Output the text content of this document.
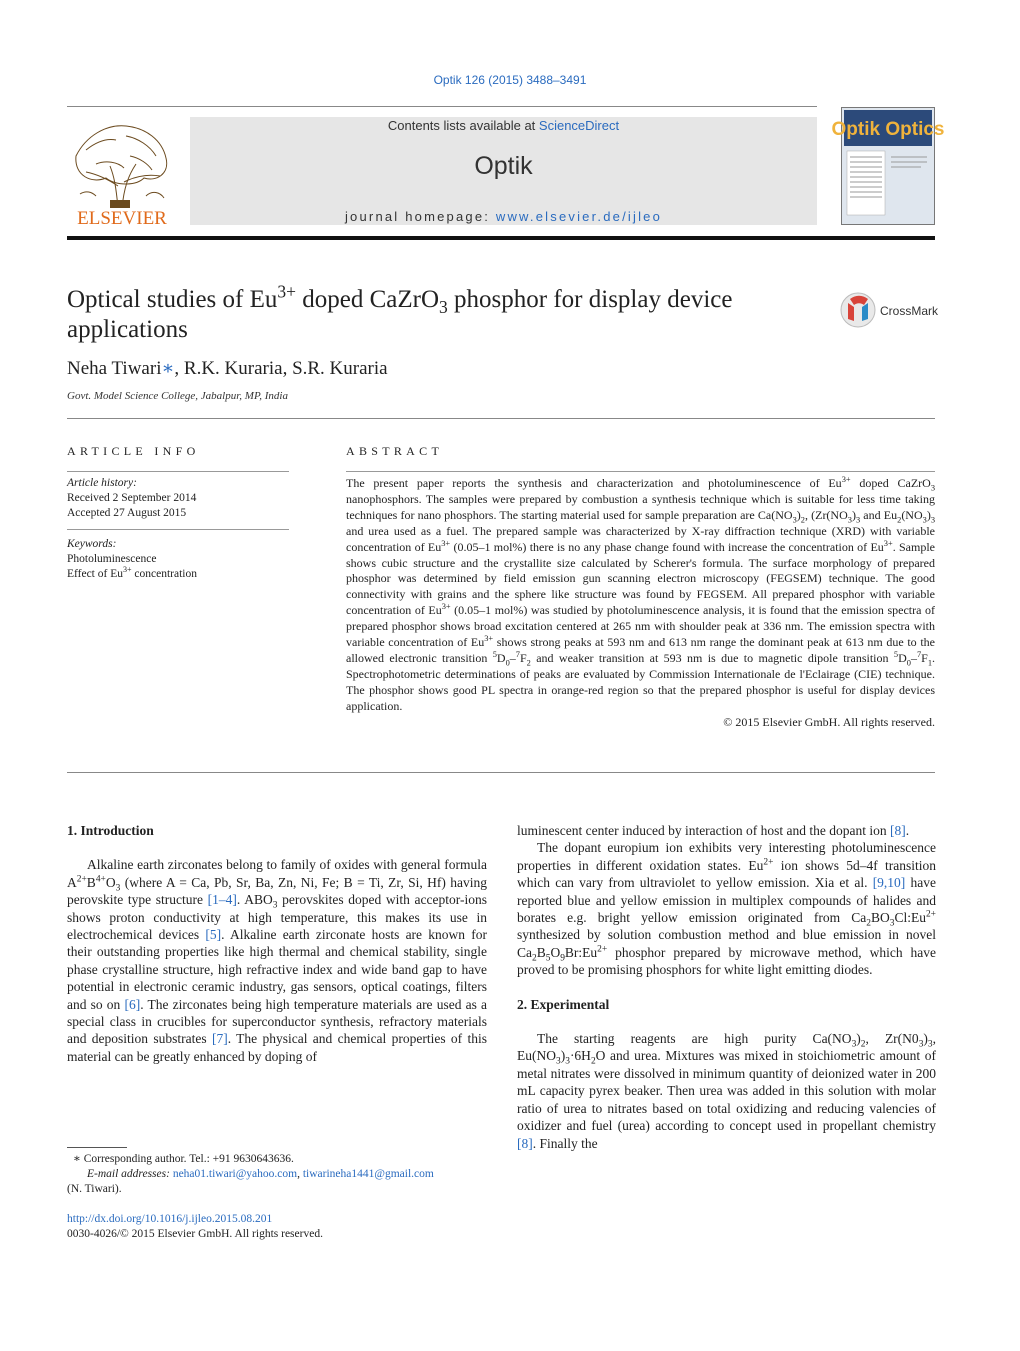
Optik 126 (2015) 3488–3491
ELSEVIER
Contents lists available at ScienceDirect
Optik
journal homepage: www.elsevier.de/ijleo
Optik Optics
Optical studies of $Eu^{3+}$ doped CaZrO$_3$ phosphor for display device applications
CrossMark
Neha Tiwari∗, R.K. Kuraria, S.R. Kuraria
Govt. Model Science College, Jabalpur, MP, India
ARTICLE INFO
Article history:
Received 2 September 2014
Accepted 27 August 2015
Keywords:
Photoluminescence
Effect of $Eu^{3+}$ concentration
ABSTRACT
The present paper reports the synthesis and characterization and photoluminescence of $Eu^{3+}$ doped CaZrO$_3$ nanophosphors. The samples were prepared by combustion a synthesis technique which is suitable for less time taking techniques for nano phosphors. The starting material used for sample preparation are $Ca(NO_3)_2$, ($Zr(NO_3)_3$ and $Eu_2(NO_3)_3$ and urea used as a fuel. The prepared sample was characterized by X-ray diffraction technique (XRD) with variable concentration of $Eu^{3+}$ (0.05–1 mol%) there is no any phase change found with increase the concentration of $Eu^{3+}$. Sample shows cubic structure and the crystallite size calculated by Scherer's formula. The surface morphology of prepared phosphor was determined by field emission gun scanning electron microscopy (FEGSEM) technique. The good connectivity with grains and the sphere like structure was found by FEGSEM. All prepared phosphor with variable concentration of $Eu^{3+}$ (0.05–1 mol%) was studied by photoluminescence analysis, it is found that the emission spectra of prepared phosphor shows broad excitation centered at 265 nm with shoulder peak at 336 nm. The emission spectra with variable concentration of $Eu^{3+}$ shows strong peaks at 593 nm and 613 nm range the dominant peak at 613 nm due to the allowed electronic transition $^5D_0-^7F_2$ and weaker transition at 593 nm is due to magnetic dipole transition $^5D_0-^7F_1$. Spectrophotometric determinations of peaks are evaluated by Commission Internationale de l'Eclairage (CIE) technique. The phosphor shows good PL spectra in orange-red region so that the prepared phosphor is useful for display devices application.
© 2015 Elsevier GmbH. All rights reserved.
1. Introduction

Alkaline earth zirconates belong to family of oxides with general formula $A^{2+}B^{4+}O_3$ (where A = Ca, Pb, Sr, Ba, Zn, Ni, Fe; B = Ti, Zr, Si, Hf) having perovskite type structure [1–4]. $ABO_3$ perovskites doped with acceptor-ions shows proton conductivity at high temperature, this makes its use in electrochemical devices [5]. Alkaline earth zirconate hosts are known for their outstanding properties like high thermal and chemical stability, single phase crystalline structure, high refractive index and wide band gap to have potential in electronic ceramic industry, gas sensors, optical coatings, filters and so on [6]. The zirconates being high temperature materials are used as a special class in crucibles for superconductor synthesis, refractory materials and deposition substrates [7]. The physical and chemical properties of this material can be greatly enhanced by doping of

luminescent center induced by interaction of host and the dopant ion [8].

The dopant europium ion exhibits very interesting photoluminescence properties in different oxidation states. $Eu^{2+}$ ion shows 5d–4f transition which can vary from ultraviolet to yellow emission. Xia et al. [9,10] have reported blue and yellow emission in multiplex compounds of halides and borates e.g. bright yellow emission originated from $Ca_2BO_3Cl:Eu^{2+}$ synthesized by solution combustion method and blue emission in novel $Ca_2B_5O_9Br:Eu^{2+}$ phosphor prepared by microwave method, which have proved to be promising phosphors for white light emitting diodes.

2. Experimental

The starting reagents are high purity $Ca(NO_3)_2$, $Zr(N0_3)_3$, $Eu(NO_3)_3\cdot 6H_2O$ and urea. Mixtures was mixed in stoichiometric amount of metal nitrates were dissolved in minimum quantity of deionized water in 200 mL capacity pyrex beaker. Then urea was added in this solution with molar ratio of urea to nitrates based on total oxidizing and reducing valencies of oxidizer and fuel (urea) according to concept used in propellant chemistry [8]. Finally the

∗ Corresponding author. Tel.: +91 9630643636.
E-mail addresses: neha01.tiwari@yahoo.com, tiwarineha1441@gmail.com
(N. Tiwari).
http://dx.doi.org/10.1016/j.ijleo.2015.08.201
0030-4026/© 2015 Elsevier GmbH. All rights reserved.
